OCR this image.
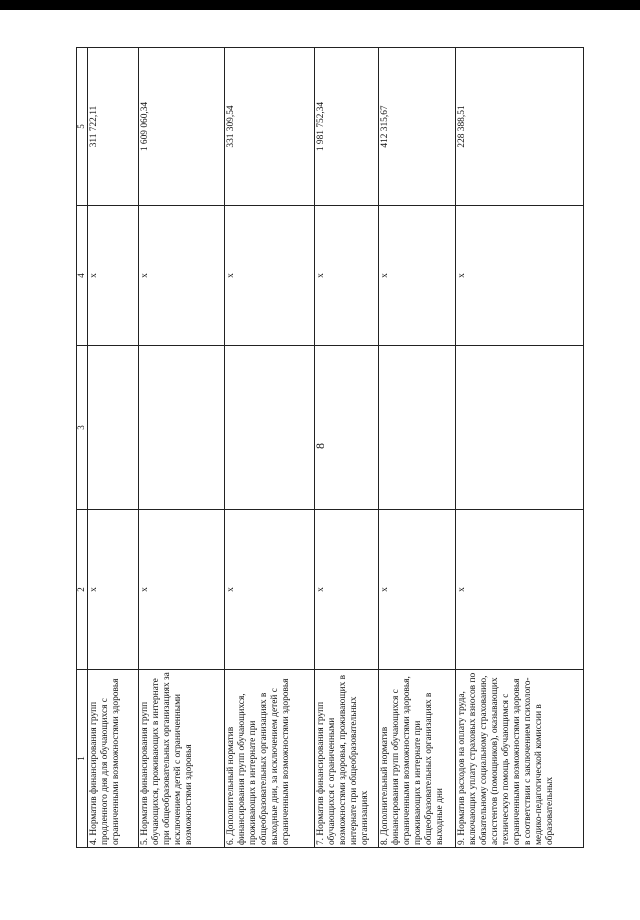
8
1	2	3	4	5
4. Норматив финансирования групп продленного дня для обучающихся с ограниченными возможностями здоровья	x		x	311 722,11
5. Норматив финансирования групп обучающихся, проживающих в интернате при общеобразовательных организациях за исключением детей с ограниченными возможностями здоровья	x		x	1 609 060,34
6. Дополнительный норматив финансирования групп обучающихся, проживающих в интернате при общеобразовательных организациях в выходные дни, за исключением детей с ограниченными возможностями здоровья	x		x	331 309,54
7. Норматив финансирования групп обучающихся с ограниченными возможностями здоровья, проживающих в интернате при общеобразовательных организациях	x		x	1 981 752,34
8. Дополнительный норматив финансирования групп обучающихся с ограниченными возможностями здоровья, проживающих в интернате при общеобразовательных организациях в выходные дни	x		x	412 315,67
9. Норматив расходов на оплату труда, включающих уплату страховых взносов по обязательному социальному страхованию, ассистентов (помощников), оказывающих техническую помощь обучающимся с ограниченными возможностями здоровья в соответствии с заключением психолого-медико-педагогической комиссии в образовательных	x		x	228 388,51
